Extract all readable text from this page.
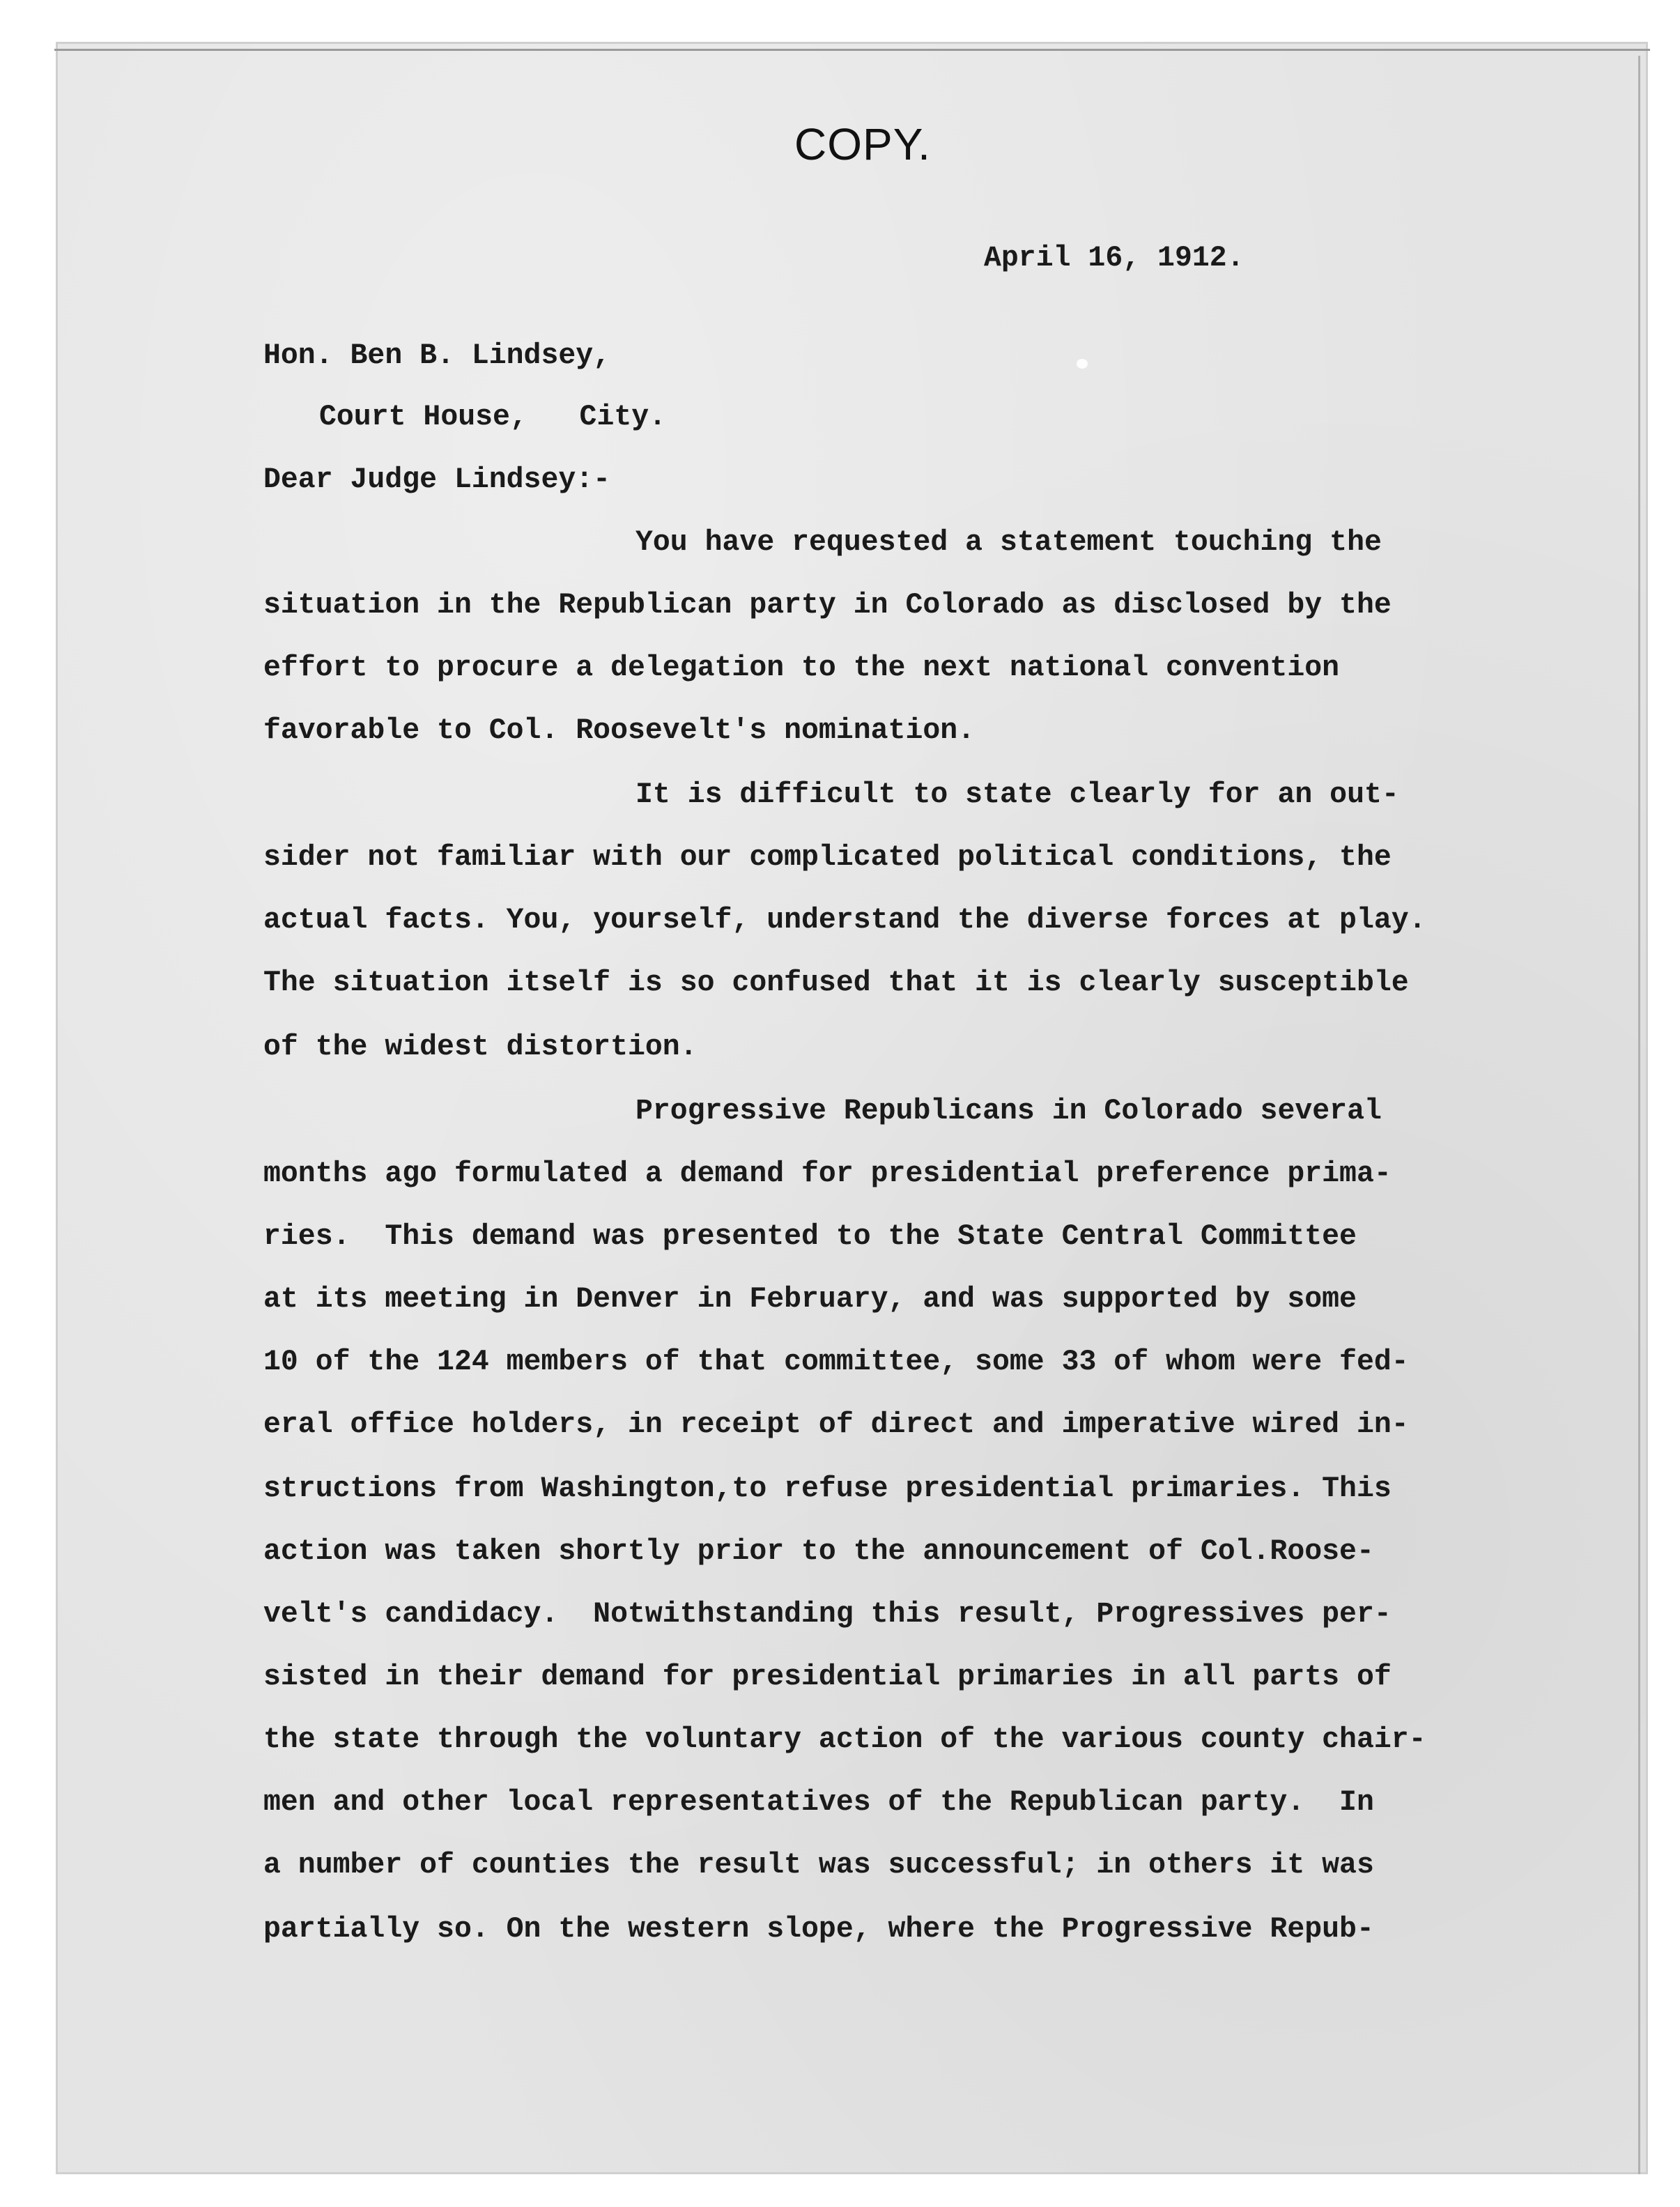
COPY.
April 16, 1912.
Hon. Ben B. Lindsey,
Court House,   City.
Dear Judge Lindsey:-
You have requested a statement touching the
situation in the Republican party in Colorado as disclosed by the
effort to procure a delegation to the next national convention
favorable to Col. Roosevelt's nomination.
It is difficult to state clearly for an out-
sider not familiar with our complicated political conditions, the
actual facts. You, yourself, understand the diverse forces at play.
The situation itself is so confused that it is clearly susceptible
of the widest distortion.
Progressive Republicans in Colorado several
months ago formulated a demand for presidential preference prima-
ries.  This demand was presented to the State Central Committee
at its meeting in Denver in February, and was supported by some
10 of the 124 members of that committee, some 33 of whom were fed-
eral office holders, in receipt of direct and imperative wired in-
structions from Washington,to refuse presidential primaries. This
action was taken shortly prior to the announcement of Col.Roose-
velt's candidacy.  Notwithstanding this result, Progressives per-
sisted in their demand for presidential primaries in all parts of
the state through the voluntary action of the various county chair-
men and other local representatives of the Republican party.  In
a number of counties the result was successful; in others it was
partially so. On the western slope, where the Progressive Repub-
